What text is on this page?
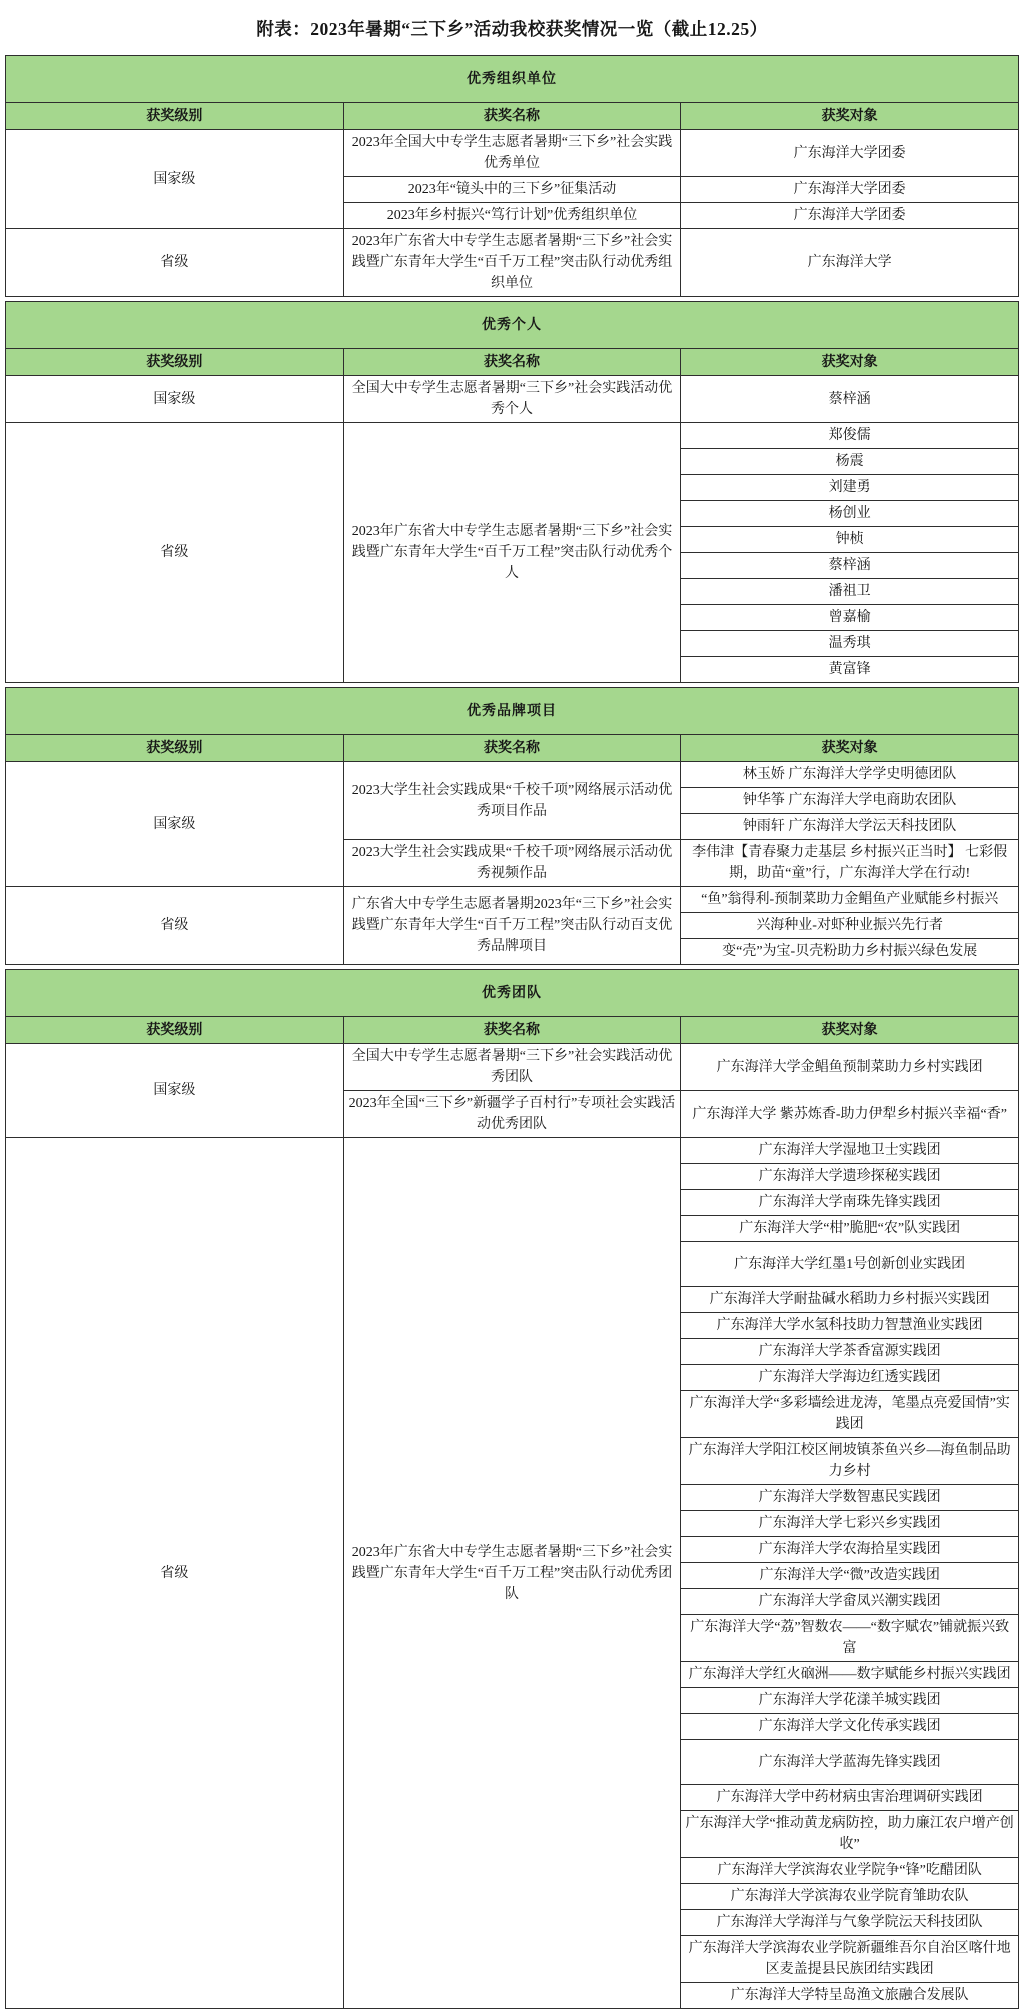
附表：2023年暑期“三下乡”活动我校获奖情况一览（截止12.25）
优秀组织单位		
获奖级别	获奖名称	获奖对象
国家级	2023年全国大中专学生志愿者暑期“三下乡”社会实践优秀单位	广东海洋大学团委
	2023年“镜头中的三下乡”征集活动	广东海洋大学团委
	2023年乡村振兴“笃行计划”优秀组织单位	广东海洋大学团委
省级	2023年广东省大中专学生志愿者暑期“三下乡”社会实践暨广东青年大学生“百千万工程”突击队行动优秀组织单位	广东海洋大学
优秀个人		
获奖级别	获奖名称	获奖对象
国家级	全国大中专学生志愿者暑期“三下乡”社会实践活动优秀个人	蔡梓涵
省级	2023年广东省大中专学生志愿者暑期“三下乡”社会实践暨广东青年大学生“百千万工程”突击队行动优秀个人	郑俊儒
		杨震
		刘建勇
		杨创业
		钟桢
		蔡梓涵
		潘祖卫
		曾嘉榆
		温秀琪
		黄富锋
优秀品牌项目		
获奖级别	获奖名称	获奖对象
国家级	2023大学生社会实践成果“千校千项”网络展示活动优秀项目作品	林玉娇 广东海洋大学学史明德团队
		钟华筝 广东海洋大学电商助农团队
		钟雨轩 广东海洋大学沄天科技团队
	2023大学生社会实践成果“千校千项”网络展示活动优秀视频作品	李伟津【青春聚力走基层 乡村振兴正当时】 七彩假期，助苗“童”行，广东海洋大学在行动!
省级	广东省大中专学生志愿者暑期2023年“三下乡”社会实践暨广东青年大学生“百千万工程”突击队行动百支优秀品牌项目	“鱼”翁得利-预制菜助力金鲳鱼产业赋能乡村振兴
		兴海种业-对虾种业振兴先行者
		变“壳”为宝-贝壳粉助力乡村振兴绿色发展
优秀团队		
获奖级别	获奖名称	获奖对象
国家级	全国大中专学生志愿者暑期“三下乡”社会实践活动优秀团队	广东海洋大学金鲳鱼预制菜助力乡村实践团
	2023年全国“三下乡”新疆学子百村行”专项社会实践活动优秀团队	广东海洋大学 紫苏炼香-助力伊犁乡村振兴幸福“香”
省级	2023年广东省大中专学生志愿者暑期“三下乡”社会实践暨广东青年大学生“百千万工程”突击队行动优秀团队	广东海洋大学湿地卫士实践团
		广东海洋大学遗珍探秘实践团
		广东海洋大学南珠先锋实践团
		广东海洋大学“柑”脆肥“农”队实践团
		广东海洋大学红墨1号创新创业实践团
		广东海洋大学耐盐碱水稻助力乡村振兴实践团
		广东海洋大学水氢科技助力智慧渔业实践团
		广东海洋大学茶香富源实践团
		广东海洋大学海边红透实践团
		广东海洋大学“多彩墙绘进龙涛，笔墨点亮爱国情”实践团
		广东海洋大学阳江校区闸坡镇茶鱼兴乡—海鱼制品助力乡村
		广东海洋大学数智惠民实践团
		广东海洋大学七彩兴乡实践团
		广东海洋大学农海拾星实践团
		广东海洋大学“微”改造实践团
		广东海洋大学畲凤兴潮实践团
		广东海洋大学“荔”智数农——“数字赋农”铺就振兴致富
		广东海洋大学红火硇洲——数字赋能乡村振兴实践团
		广东海洋大学花漾羊城实践团
		广东海洋大学文化传承实践团
		广东海洋大学蓝海先锋实践团
		广东海洋大学中药材病虫害治理调研实践团
		广东海洋大学“推动黄龙病防控，助力廉江农户增产创收”
		广东海洋大学滨海农业学院争“锋”吃醋团队
		广东海洋大学滨海农业学院育雏助农队
		广东海洋大学海洋与气象学院沄天科技团队
		广东海洋大学滨海农业学院新疆维吾尔自治区喀什地区麦盖提县民族团结实践团
		广东海洋大学特呈岛渔文旅融合发展队
